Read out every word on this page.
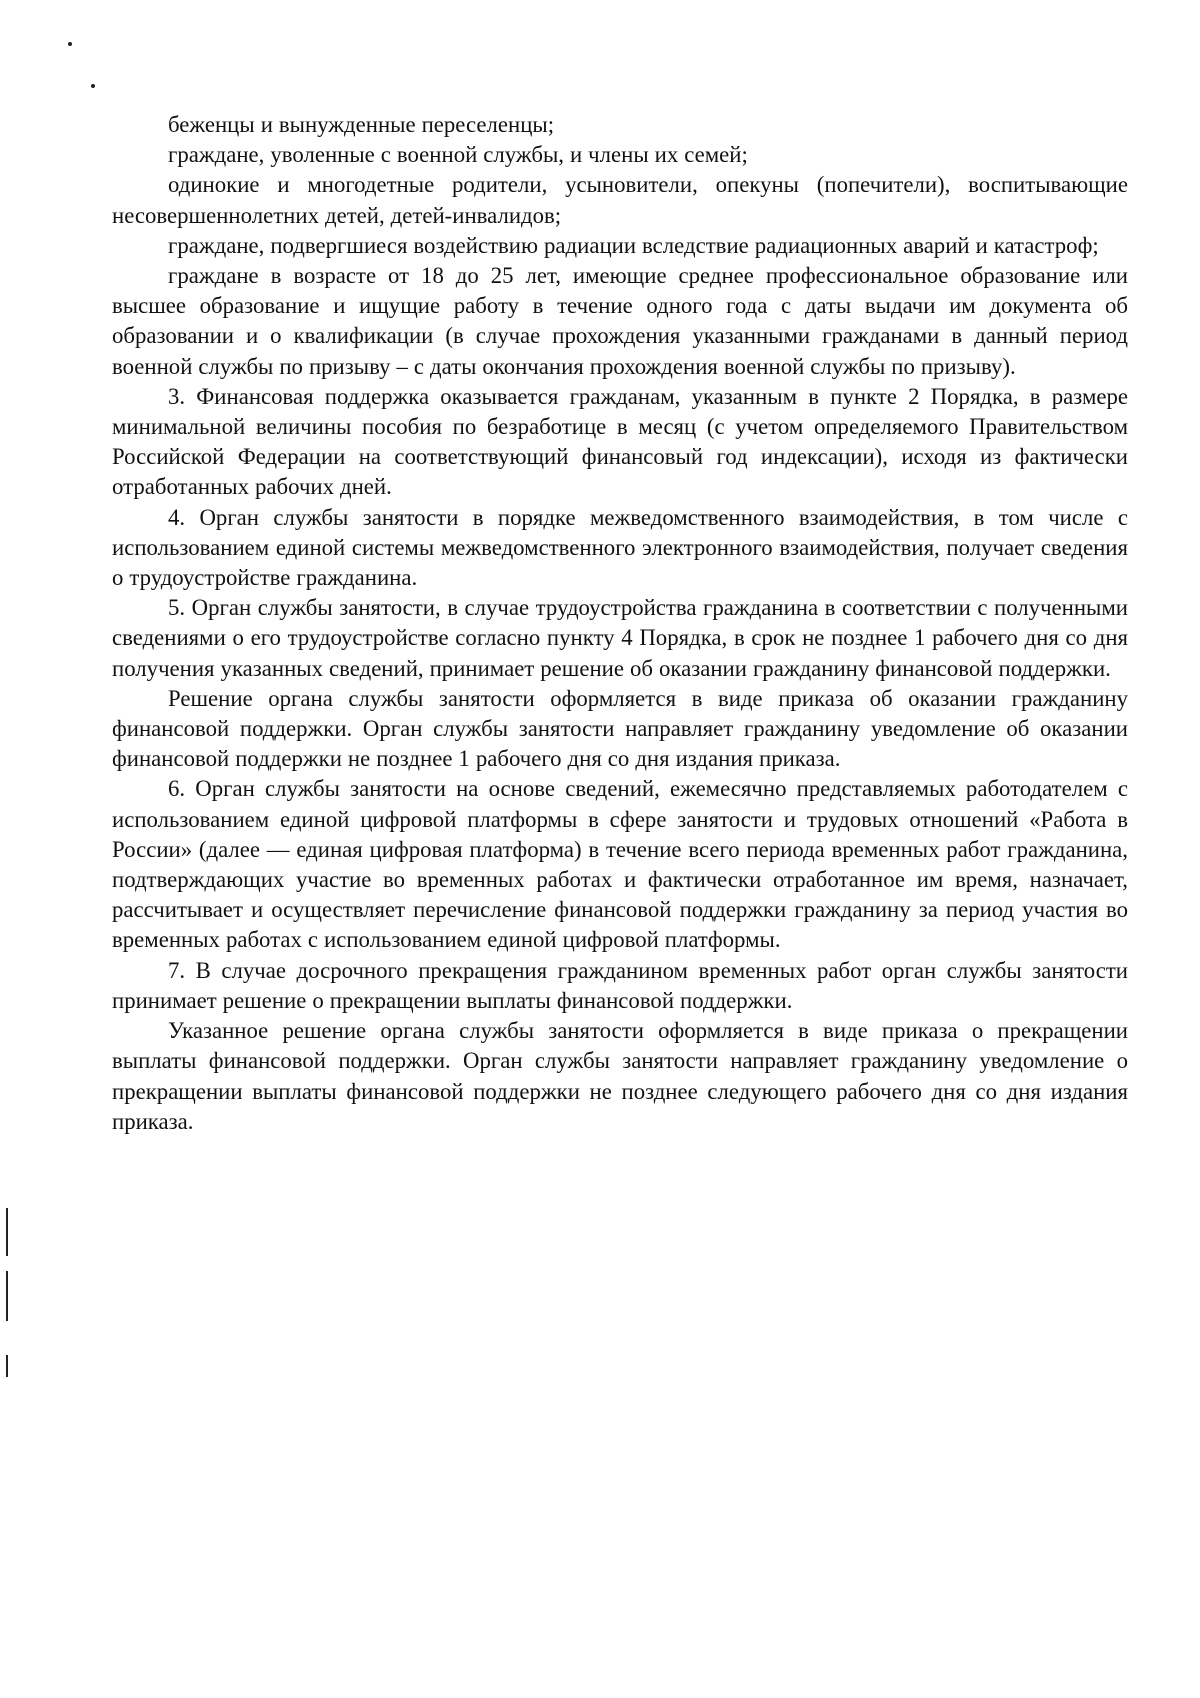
беженцы и вынужденные переселенцы;

граждане, уволенные с военной службы, и члены их семей;

одинокие и многодетные родители, усыновители, опекуны (попечители), воспитывающие несовершеннолетних детей, детей-инвалидов;

граждане, подвергшиеся воздействию радиации вследствие радиационных аварий и катастроф;

граждане в возрасте от 18 до 25 лет, имеющие среднее профессиональное образование или высшее образование и ищущие работу в течение одного года с даты выдачи им документа об образовании и о квалификации (в случае прохождения указанными гражданами в данный период военной службы по призыву – с даты окончания прохождения военной службы по призыву).

3. Финансовая поддержка оказывается гражданам, указанным в пункте 2 Порядка, в размере минимальной величины пособия по безработице в месяц (с учетом определяемого Правительством Российской Федерации на соответствующий финансовый год индексации), исходя из фактически отработанных рабочих дней.

4. Орган службы занятости в порядке межведомственного взаимодействия, в том числе с использованием единой системы межведомственного электронного взаимодействия, получает сведения о трудоустройстве гражданина.

5. Орган службы занятости, в случае трудоустройства гражданина в соответствии с полученными сведениями о его трудоустройстве согласно пункту 4 Порядка, в срок не позднее 1 рабочего дня со дня получения указанных сведений, принимает решение об оказании гражданину финансовой поддержки.

Решение органа службы занятости оформляется в виде приказа об оказании гражданину финансовой поддержки. Орган службы занятости направляет гражданину уведомление об оказании финансовой поддержки не позднее 1 рабочего дня со дня издания приказа.

6. Орган службы занятости на основе сведений, ежемесячно представляемых работодателем с использованием единой цифровой платформы в сфере занятости и трудовых отношений «Работа в России» (далее — единая цифровая платформа) в течение всего периода временных работ гражданина, подтверждающих участие во временных работах и фактически отработанное им время, назначает, рассчитывает и осуществляет перечисление финансовой поддержки гражданину за период участия во временных работах с использованием единой цифровой платформы.

7. В случае досрочного прекращения гражданином временных работ орган службы занятости принимает решение о прекращении выплаты финансовой поддержки.

Указанное решение органа службы занятости оформляется в виде приказа о прекращении выплаты финансовой поддержки. Орган службы занятости направляет гражданину уведомление о прекращении выплаты финансовой поддержки не позднее следующего рабочего дня со дня издания приказа.
